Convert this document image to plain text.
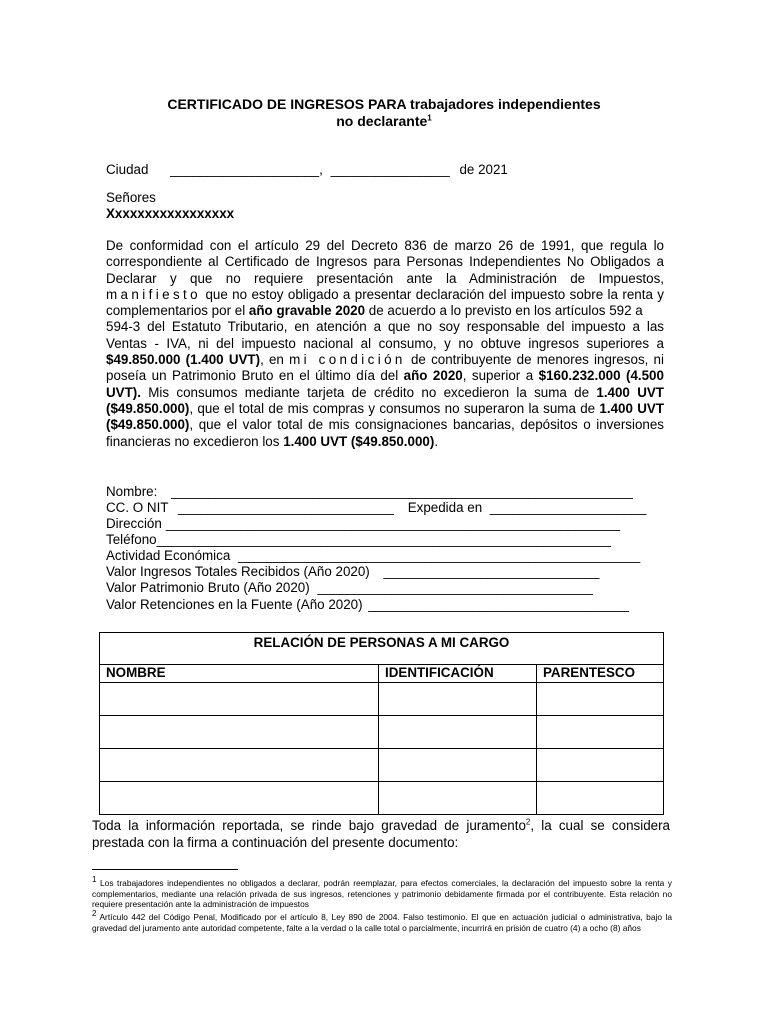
CERTIFICADO DE INGRESOS PARA trabajadores independientes
no declarante$^1$
Ciudad ____________________, ________________ de 2021
Señores
Xxxxxxxxxxxxxxxxx

De conformidad con el artículo 29 del Decreto 836 de marzo 26 de 1991, que regula lo correspondiente al Certificado de Ingresos para Personas Independientes No Obligados a Declarar y que no requiere presentación ante la Administración de Impuestos, manifiesto que no estoy obligado a presentar declaración del impuesto sobre la renta y complementarios por el año gravable 2020 de acuerdo a lo previsto en los artículos 592 a

594-3 del Estatuto Tributario, en atención a que no soy responsable del impuesto a las Ventas - IVA, ni del impuesto nacional al consumo, y no obtuve ingresos superiores a $49.850.000 (1.400 UVT), en mi condición de contribuyente de menores ingresos, ni poseía un Patrimonio Bruto en el último día del año 2020, superior a $160.232.000 (4.500 UVT). Mis consumos mediante tarjeta de crédito no excedieron la suma de 1.400 UVT ($49.850.000), que el total de mis compras y consumos no superaron la suma de 1.400 UVT ($49.850.000), que el valor total de mis consignaciones bancarias, depósitos o inversiones financieras no excedieron los 1.400 UVT ($49.850.000).

Nombre: ______________________________________________________________
CC. O NIT _____________________________ Expedida en _____________________
Dirección _____________________________________________________________
Teléfono_____________________________________________________________
Actividad Económica ______________________________________________________
Valor Ingresos Totales Recibidos (Año 2020) _____________________________
Valor Patrimonio Bruto (Año 2020) _____________________________________
Valor Retenciones en la Fuente (Año 2020) ___________________________________
RELACIÓN DE PERSONAS A MI CARGO		
NOMBRE	IDENTIFICACIÓN	PARENTESCO

Toda la información reportada, se rinde bajo gravedad de juramento$^2$, la cual se considera prestada con la firma a continuación del presente documento:

$^1$ Los trabajadores independientes no obligados a declarar, podrán reemplazar, para efectos comerciales, la declaración del impuesto sobre la renta y complementarios, mediante una relación privada de sus ingresos, retenciones y patrimonio debidamente firmada por el contribuyente. Esta relación no requiere presentación ante la administración de impuestos

$^2$ Artículo 442 del Código Penal, Modificado por el artículo 8, Ley 890 de 2004. Falso testimonio. El que en actuación judicial o administrativa, bajo la gravedad del juramento ante autoridad competente, falte a la verdad o la calle total o parcialmente, incurrirá en prisión de cuatro (4) a ocho (8) años
